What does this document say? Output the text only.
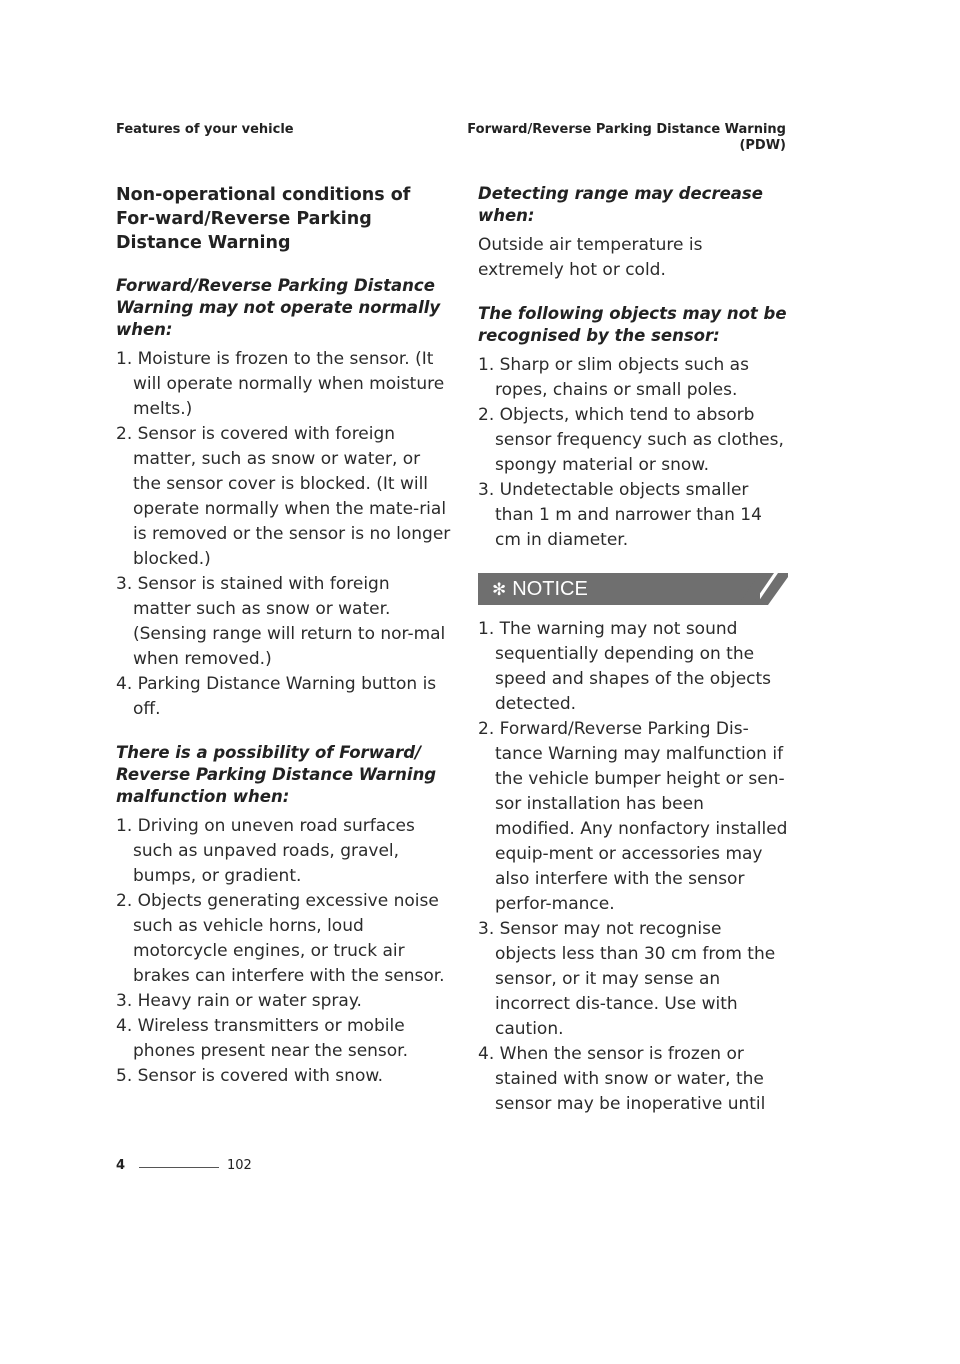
Features of your vehicle	Forward/Reverse Parking Distance Warning
(PDW)
Non-operational conditions of For-ward/Reverse Parking Distance Warning
Forward/Reverse Parking Distance Warning may not operate normally when:
1. Moisture is frozen to the sensor. (It will operate normally when moisture melts.)
2. Sensor is covered with foreign matter, such as snow or water, or the sensor cover is blocked. (It will operate normally when the mate-rial is removed or the sensor is no longer blocked.)
3. Sensor is stained with foreign matter such as snow or water. (Sensing range will return to nor-mal when removed.)
4. Parking Distance Warning button is off.
There is a possibility of Forward/ Reverse Parking Distance Warning malfunction when:
1. Driving on uneven road surfaces such as unpaved roads, gravel, bumps, or gradient.
2. Objects generating excessive noise such as vehicle horns, loud motorcycle engines, or truck air brakes can interfere with the sensor.
3. Heavy rain or water spray.
4. Wireless transmitters or mobile phones present near the sensor.
5. Sensor is covered with snow.
Detecting range may decrease when:
Outside air temperature is extremely hot or cold.
The following objects may not be recognised by the sensor:
1. Sharp or slim objects such as ropes, chains or small poles.
2. Objects, which tend to absorb sensor frequency such as clothes, spongy material or snow.
3. Undetectable objects smaller than 1 m and narrower than 14 cm in diameter.
✻ NOTICE
1. The warning may not sound sequentially depending on the speed and shapes of the objects detected.
2. Forward/Reverse Parking Dis-tance Warning may malfunction if the vehicle bumper height or sen-sor installation has been modified. Any nonfactory installed equip-ment or accessories may also interfere with the sensor perfor-mance.
3. Sensor may not recognise objects less than 30 cm from the sensor, or it may sense an incorrect dis-tance. Use with caution.
4. When the sensor is frozen or stained with snow or water, the sensor may be inoperative until
4	102
